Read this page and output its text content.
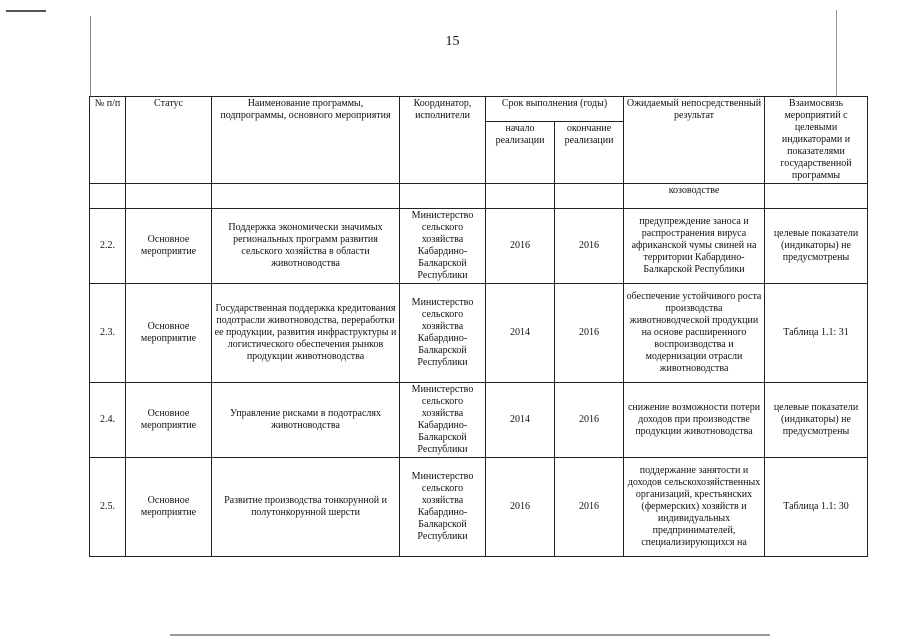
15
№ п/п	Статус	Наименование программы, подпрограммы, основного мероприятия	Координатор, исполнители	Срок выполнения (годы)		Ожидаемый непосредственный результат	Взаимосвязь мероприятий с целевыми индикаторами и показателями государственной программы
				начало реализации	окончание реализации		
						козоводстве	
2.2.	Основное мероприятие	Поддержка экономически значимых региональных программ развития сельского хозяйства в области животноводства	Министерство сельского хозяйства Кабардино-Балкарской Республики	2016	2016	предупреждение заноса и распространения вируса африканской чумы свиней на территории Кабардино-Балкарской Республики	целевые показатели (индикаторы) не предусмотрены
2.3.	Основное мероприятие	Государственная поддержка кредитования подотрасли животноводства, переработки ее продукции, развития инфраструктуры и логистического обеспечения рынков продукции животноводства	Министерство сельского хозяйства Кабардино-Балкарской Республики	2014	2016	обеспечение устойчивого роста производства животноводческой продукции на основе расширенного воспроизводства и модернизации отрасли животноводства	Таблица 1.1: 31
2.4.	Основное мероприятие	Управление рисками в подотраслях животноводства	Министерство сельского хозяйства Кабардино-Балкарской Республики	2014	2016	снижение возможности потери доходов при производстве продукции животноводства	целевые показатели (индикаторы) не предусмотрены
2.5.	Основное мероприятие	Развитие производства тонкорунной и полутонкорунной шерсти	Министерство сельского хозяйства Кабардино-Балкарской Республики	2016	2016	поддержание занятости и доходов сельскохозяйственных организаций, крестьянских (фермерских) хозяйств и индивидуальных предпринимателей, специализирующихся на	Таблица 1.1: 30
